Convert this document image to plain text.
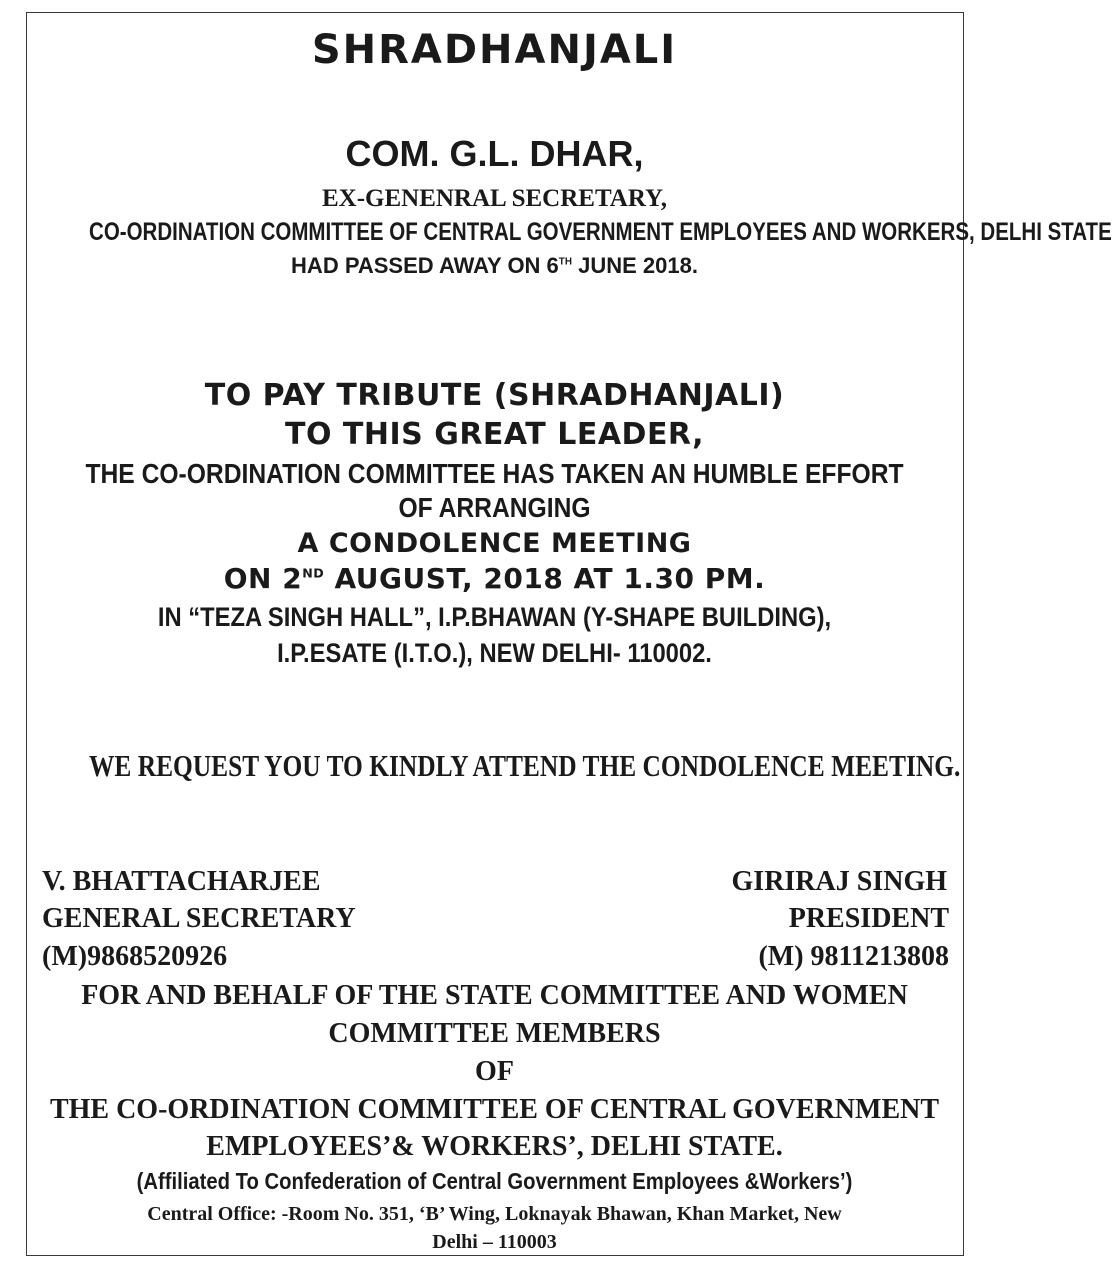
SHRADHANJALI
COM. G.L. DHAR,
EX-GENENRAL SECRETARY,
CO-ORDINATION COMMITTEE OF CENTRAL GOVERNMENT EMPLOYEES AND WORKERS, DELHI STATE
HAD PASSED AWAY ON 6TH JUNE 2018.
TO PAY TRIBUTE (SHRADHANJALI)
TO THIS GREAT LEADER,
THE CO-ORDINATION COMMITTEE HAS TAKEN AN HUMBLE EFFORT
OF ARRANGING
A CONDOLENCE MEETING
ON 2ND AUGUST, 2018 AT 1.30 PM.
IN “TEZA SINGH HALL”, I.P.BHAWAN (Y-SHAPE BUILDING),
I.P.ESATE (I.T.O.), NEW DELHI- 110002.
WE REQUEST YOU TO KINDLY ATTEND THE CONDOLENCE MEETING.
V. BHATTACHARJEE
GENERAL SECRETARY
(M)9868520926
GIRIRAJ SINGH
PRESIDENT
(M) 9811213808
FOR AND BEHALF OF THE STATE COMMITTEE AND WOMEN
COMMITTEE MEMBERS
OF
THE CO-ORDINATION COMMITTEE OF CENTRAL GOVERNMENT
EMPLOYEES’& WORKERS’, DELHI STATE.
(Affiliated To Confederation of Central Government Employees &Workers’)
Central Office: -Room No. 351, ‘B’ Wing, Loknayak Bhawan, Khan Market, New
Delhi – 110003
